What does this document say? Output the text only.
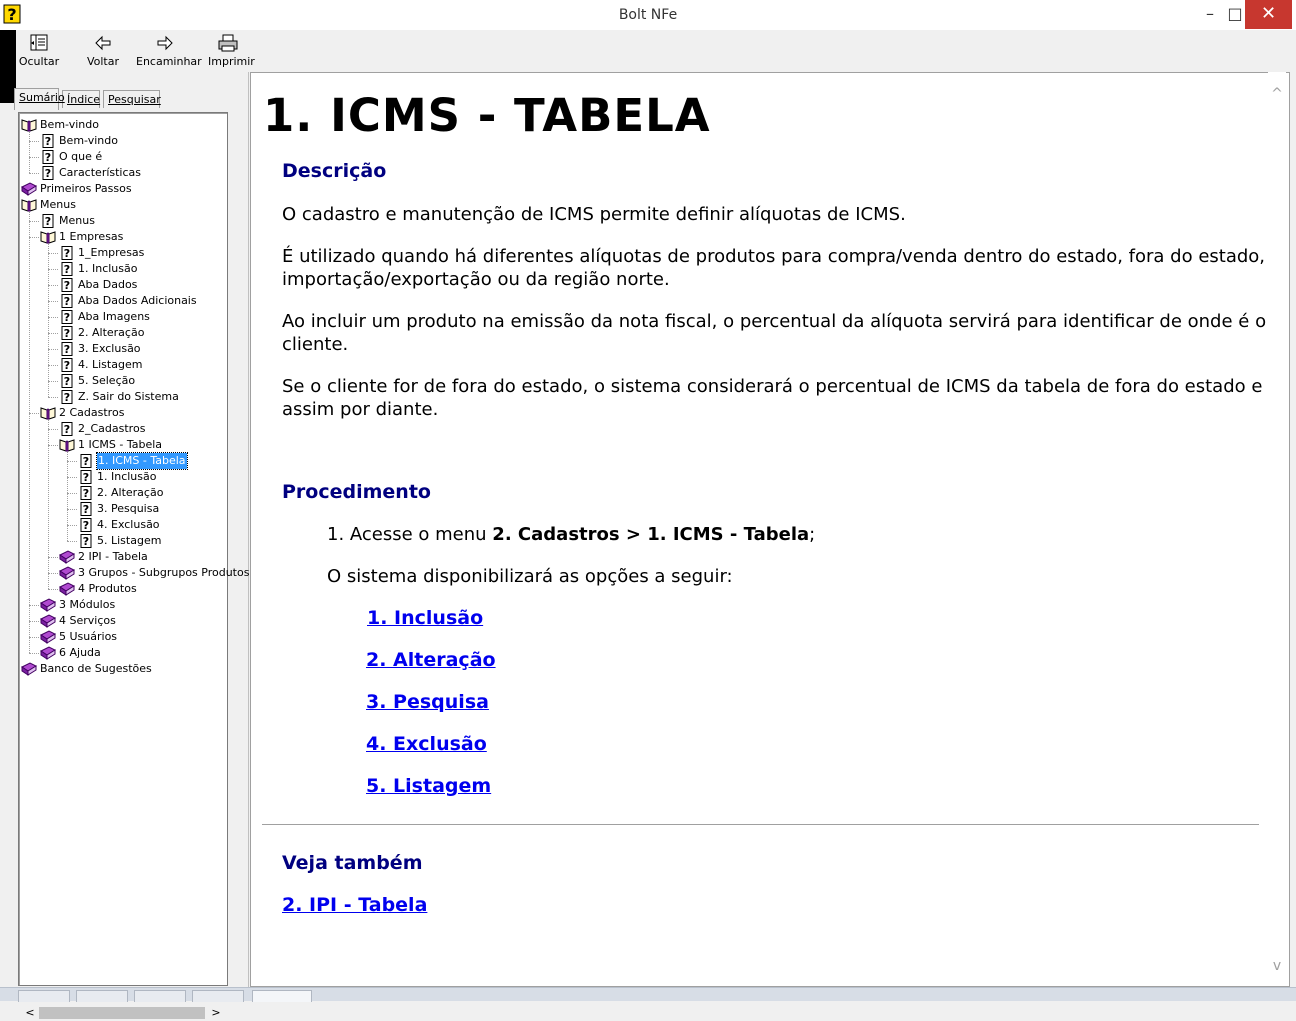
?	Bolt NFe	– □	✕
Ocultar	Voltar Encaminhar Imprimir
Sumário Índice Pesquisar
Bem-vindo
? Bem-vindo
? O que é
? Características
Primeiros Passos
Menus
? Menus
1 Empresas
? 1_Empresas
? 1. Inclusão
? Aba Dados
? Aba Dados Adicionais
? Aba Imagens
? 2. Alteração
? 3. Exclusão
? 4. Listagem
? 5. Seleção
? Z. Sair do Sistema
2 Cadastros
? 2_Cadastros
1 ICMS - Tabela
? 1. ICMS - Tabela
? 1. Inclusão
? 2. Alteração
? 3. Pesquisa
? 4. Exclusão
? 5. Listagem
2 IPI - Tabela
3 Grupos - Subgrupos Produtos
4 Produtos
3 Módulos
4 Serviços
5 Usuários
6 Ajuda
Banco de Sugestões
<	>
1. ICMS - TABELA
Descrição
O cadastro e manutenção de ICMS permite definir alíquotas de ICMS.
É utilizado quando há diferentes alíquotas de produtos para compra/venda dentro do estado, fora do estado, importação/exportação ou da região norte.
Ao incluir um produto na emissão da nota fiscal, o percentual da alíquota servirá para identificar de onde é o cliente.
Se o cliente for de fora do estado, o sistema considerará o percentual de ICMS da tabela de fora do estado e assim por diante.
Procedimento
1. Acesse o menu 2. Cadastros > 1. ICMS - Tabela;
O sistema disponibilizará as opções a seguir:
1. Inclusão
2. Alteração
3. Pesquisa
4. Exclusão
5. Listagem
Veja também
2. IPI - Tabela
^
v
